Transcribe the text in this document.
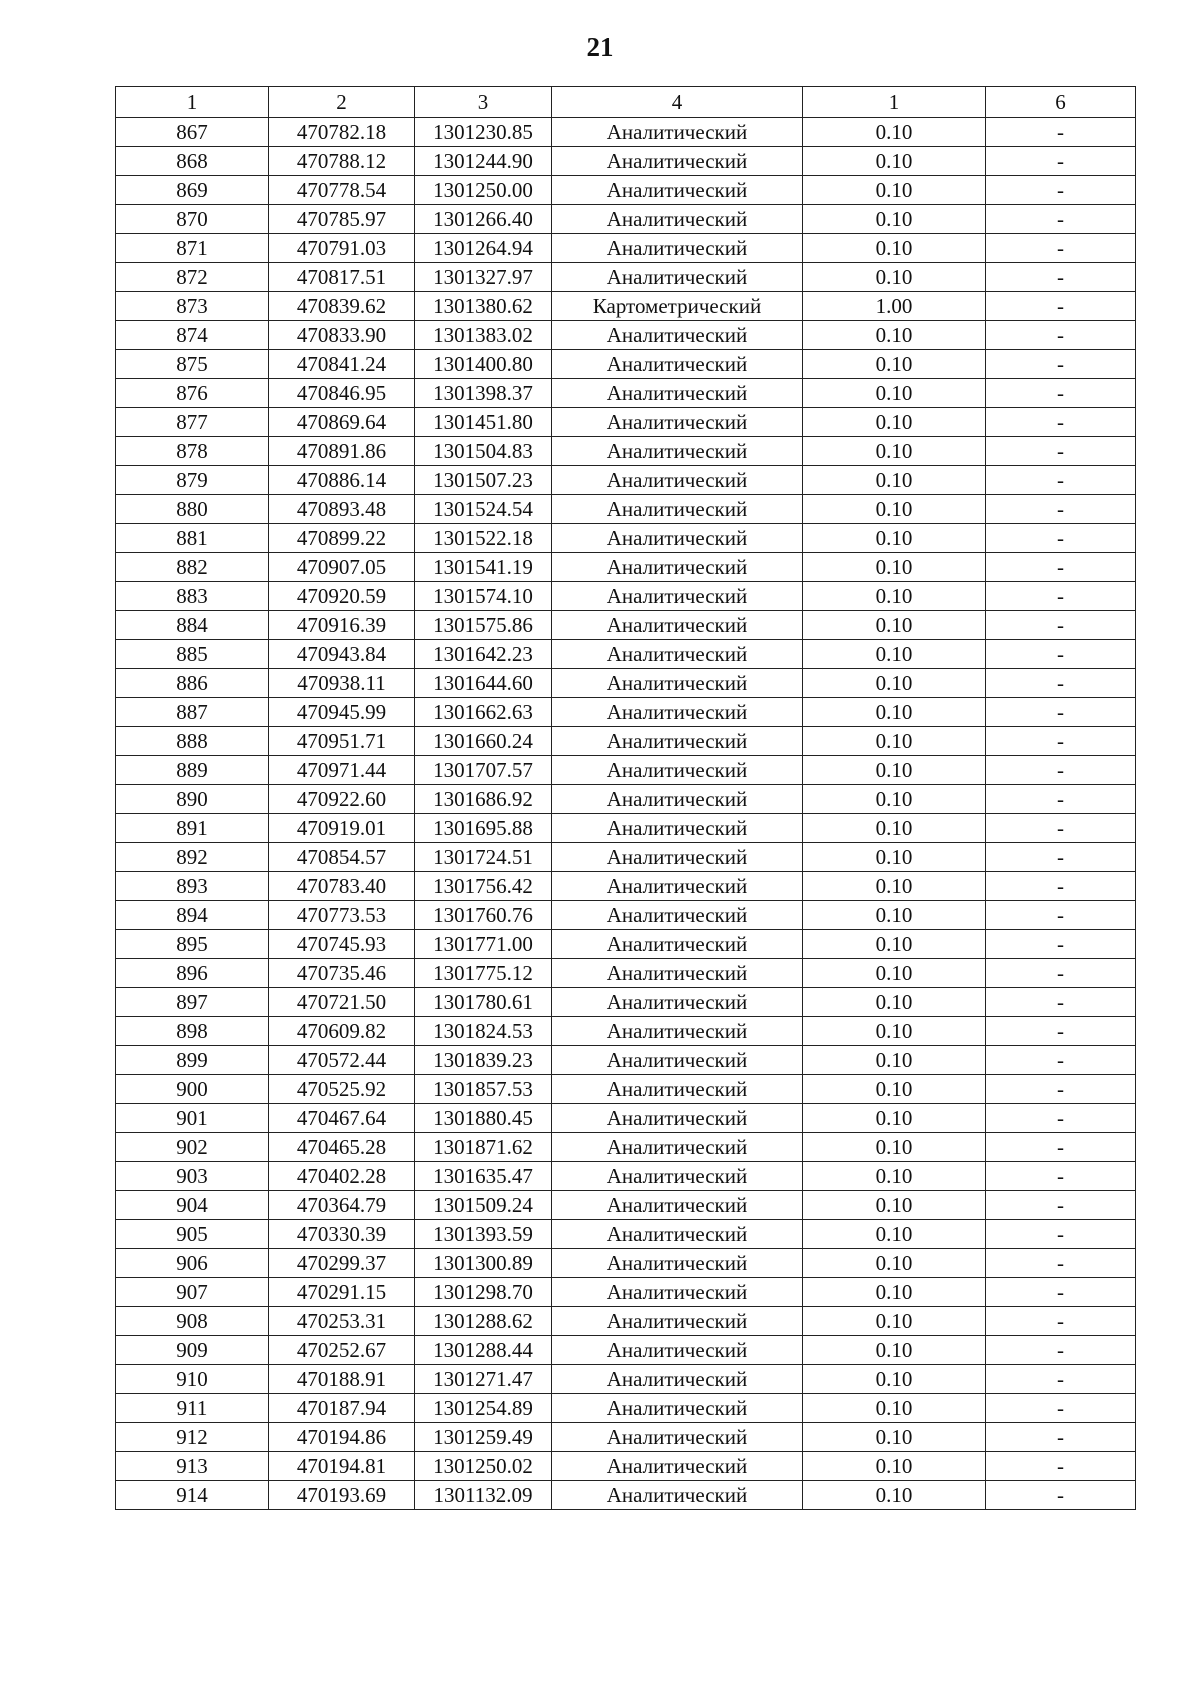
21
1	2	3	4	1	6
867	470782.18	1301230.85	Аналитический	0.10	-
868	470788.12	1301244.90	Аналитический	0.10	-
869	470778.54	1301250.00	Аналитический	0.10	-
870	470785.97	1301266.40	Аналитический	0.10	-
871	470791.03	1301264.94	Аналитический	0.10	-
872	470817.51	1301327.97	Аналитический	0.10	-
873	470839.62	1301380.62	Картометрический	1.00	-
874	470833.90	1301383.02	Аналитический	0.10	-
875	470841.24	1301400.80	Аналитический	0.10	-
876	470846.95	1301398.37	Аналитический	0.10	-
877	470869.64	1301451.80	Аналитический	0.10	-
878	470891.86	1301504.83	Аналитический	0.10	-
879	470886.14	1301507.23	Аналитический	0.10	-
880	470893.48	1301524.54	Аналитический	0.10	-
881	470899.22	1301522.18	Аналитический	0.10	-
882	470907.05	1301541.19	Аналитический	0.10	-
883	470920.59	1301574.10	Аналитический	0.10	-
884	470916.39	1301575.86	Аналитический	0.10	-
885	470943.84	1301642.23	Аналитический	0.10	-
886	470938.11	1301644.60	Аналитический	0.10	-
887	470945.99	1301662.63	Аналитический	0.10	-
888	470951.71	1301660.24	Аналитический	0.10	-
889	470971.44	1301707.57	Аналитический	0.10	-
890	470922.60	1301686.92	Аналитический	0.10	-
891	470919.01	1301695.88	Аналитический	0.10	-
892	470854.57	1301724.51	Аналитический	0.10	-
893	470783.40	1301756.42	Аналитический	0.10	-
894	470773.53	1301760.76	Аналитический	0.10	-
895	470745.93	1301771.00	Аналитический	0.10	-
896	470735.46	1301775.12	Аналитический	0.10	-
897	470721.50	1301780.61	Аналитический	0.10	-
898	470609.82	1301824.53	Аналитический	0.10	-
899	470572.44	1301839.23	Аналитический	0.10	-
900	470525.92	1301857.53	Аналитический	0.10	-
901	470467.64	1301880.45	Аналитический	0.10	-
902	470465.28	1301871.62	Аналитический	0.10	-
903	470402.28	1301635.47	Аналитический	0.10	-
904	470364.79	1301509.24	Аналитический	0.10	-
905	470330.39	1301393.59	Аналитический	0.10	-
906	470299.37	1301300.89	Аналитический	0.10	-
907	470291.15	1301298.70	Аналитический	0.10	-
908	470253.31	1301288.62	Аналитический	0.10	-
909	470252.67	1301288.44	Аналитический	0.10	-
910	470188.91	1301271.47	Аналитический	0.10	-
911	470187.94	1301254.89	Аналитический	0.10	-
912	470194.86	1301259.49	Аналитический	0.10	-
913	470194.81	1301250.02	Аналитический	0.10	-
914	470193.69	1301132.09	Аналитический	0.10	-
